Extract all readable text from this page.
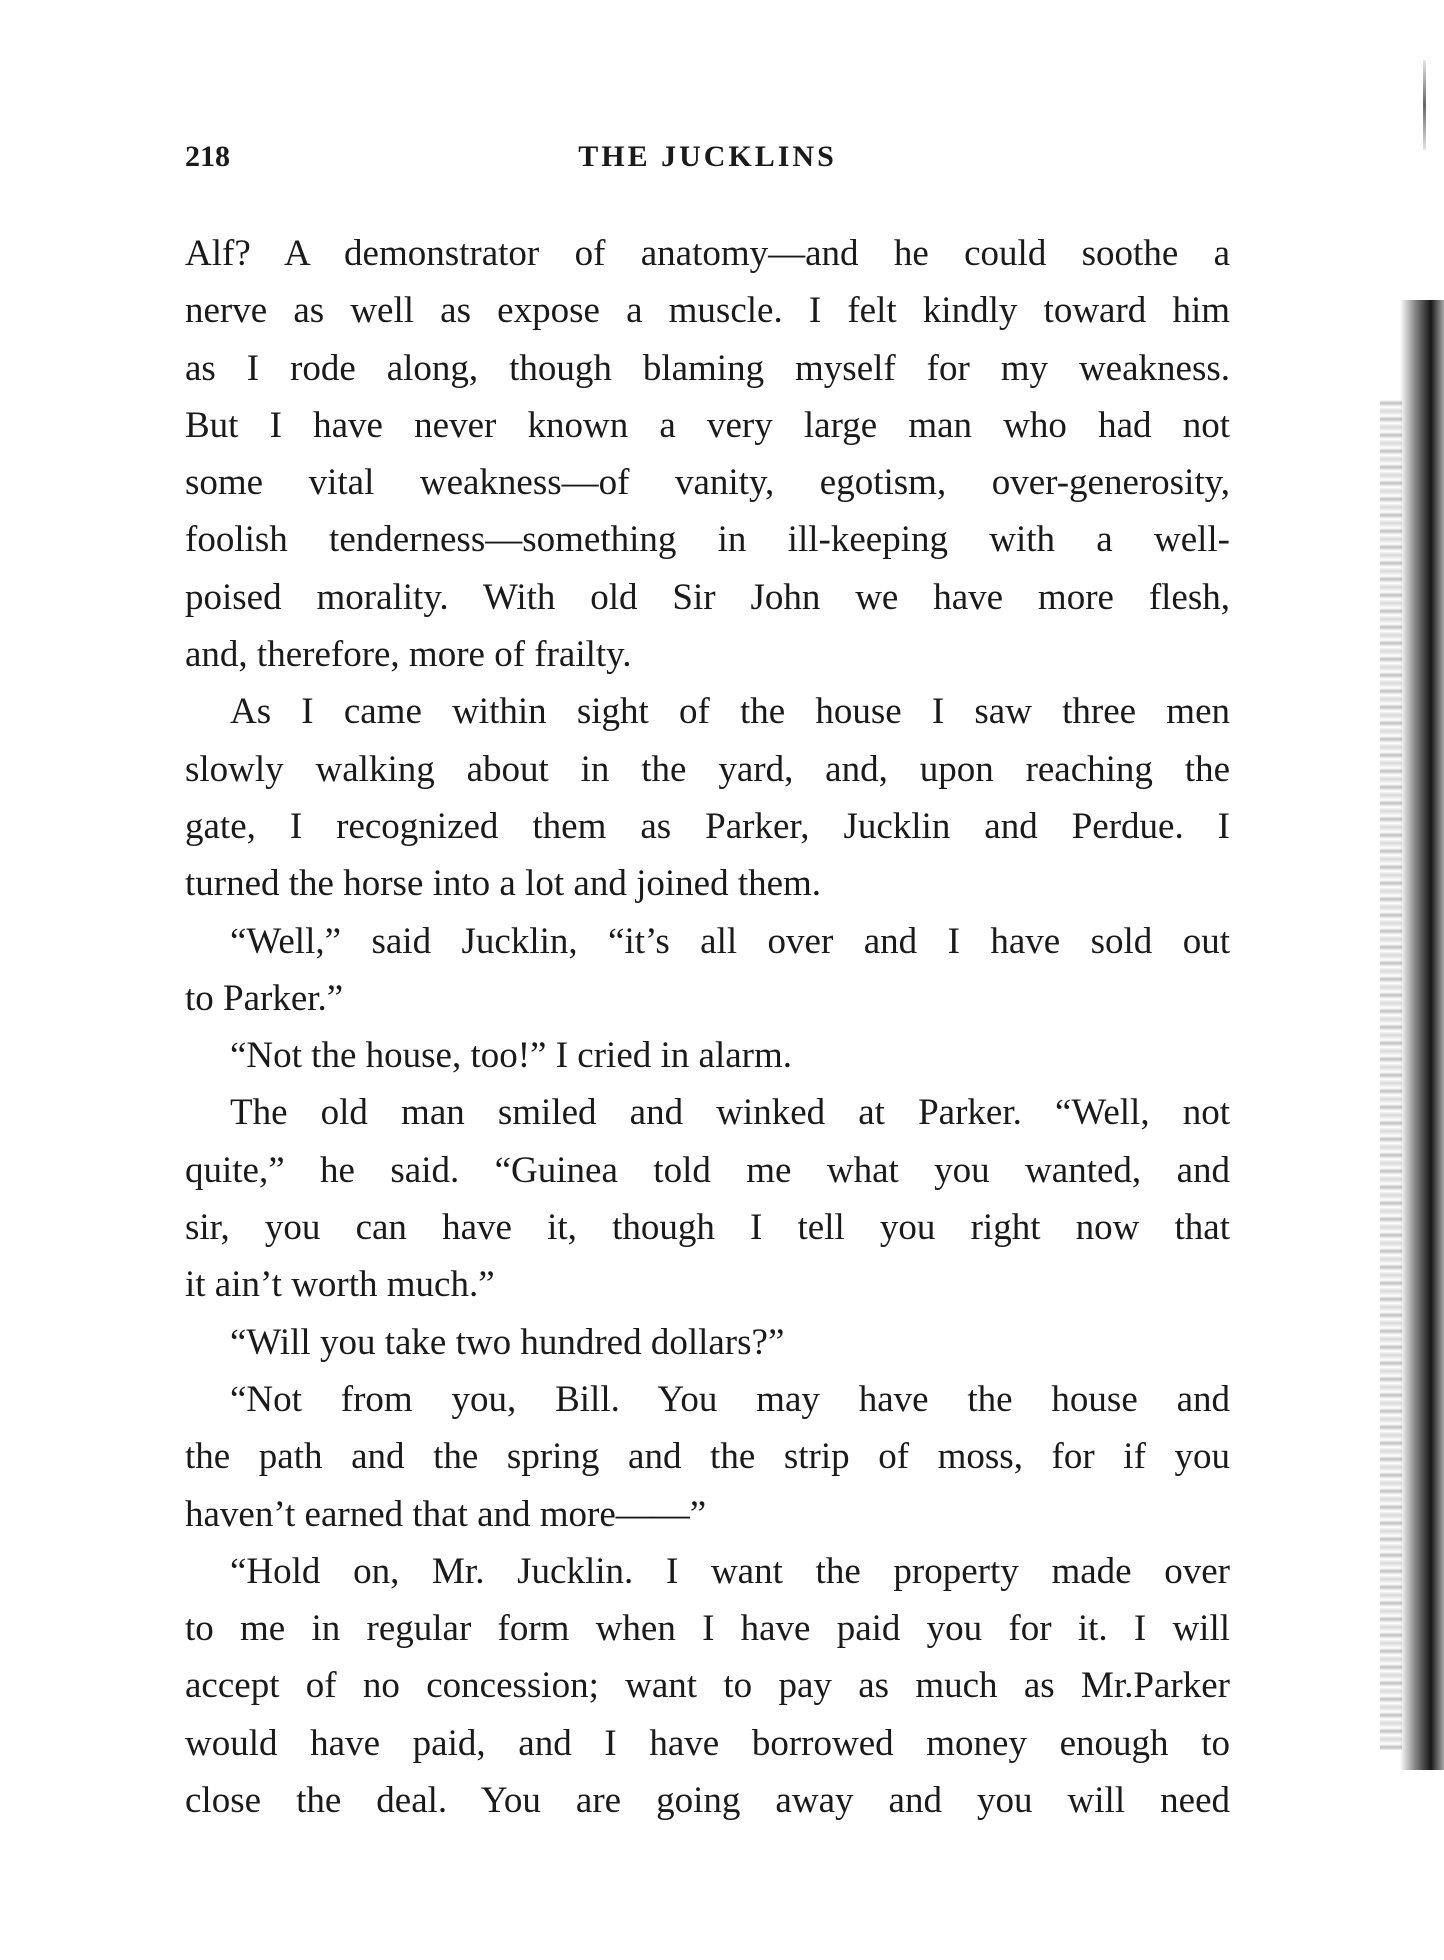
218	THE JUCKLINS
Alf? A demonstrator of anatomy—and he could soothe a
nerve as well as expose a muscle. I felt kindly toward him
as I rode along, though blaming myself for my weakness.
But I have never known a very large man who had not
some vital weakness—of vanity, egotism, over-generosity,
foolish tenderness—something in ill-keeping with a well-
poised morality. With old Sir John we have more flesh,
and, therefore, more of frailty.
As I came within sight of the house I saw three men
slowly walking about in the yard, and, upon reaching the
gate, I recognized them as Parker, Jucklin and Perdue. I
turned the horse into a lot and joined them.
“Well,” said Jucklin, “it’s all over and I have sold out
to Parker.”
“Not the house, too!” I cried in alarm.
The old man smiled and winked at Parker. “Well, not
quite,” he said. “Guinea told me what you wanted, and
sir, you can have it, though I tell you right now that
it ain’t worth much.”
“Will you take two hundred dollars?”
“Not from you, Bill. You may have the house and
the path and the spring and the strip of moss, for if you
haven’t earned that and more——”
“Hold on, Mr. Jucklin. I want the property made over
to me in regular form when I have paid you for it. I will
accept of no concession; want to pay as much as Mr.Parker
would have paid, and I have borrowed money enough to
close the deal. You are going away and you will need
